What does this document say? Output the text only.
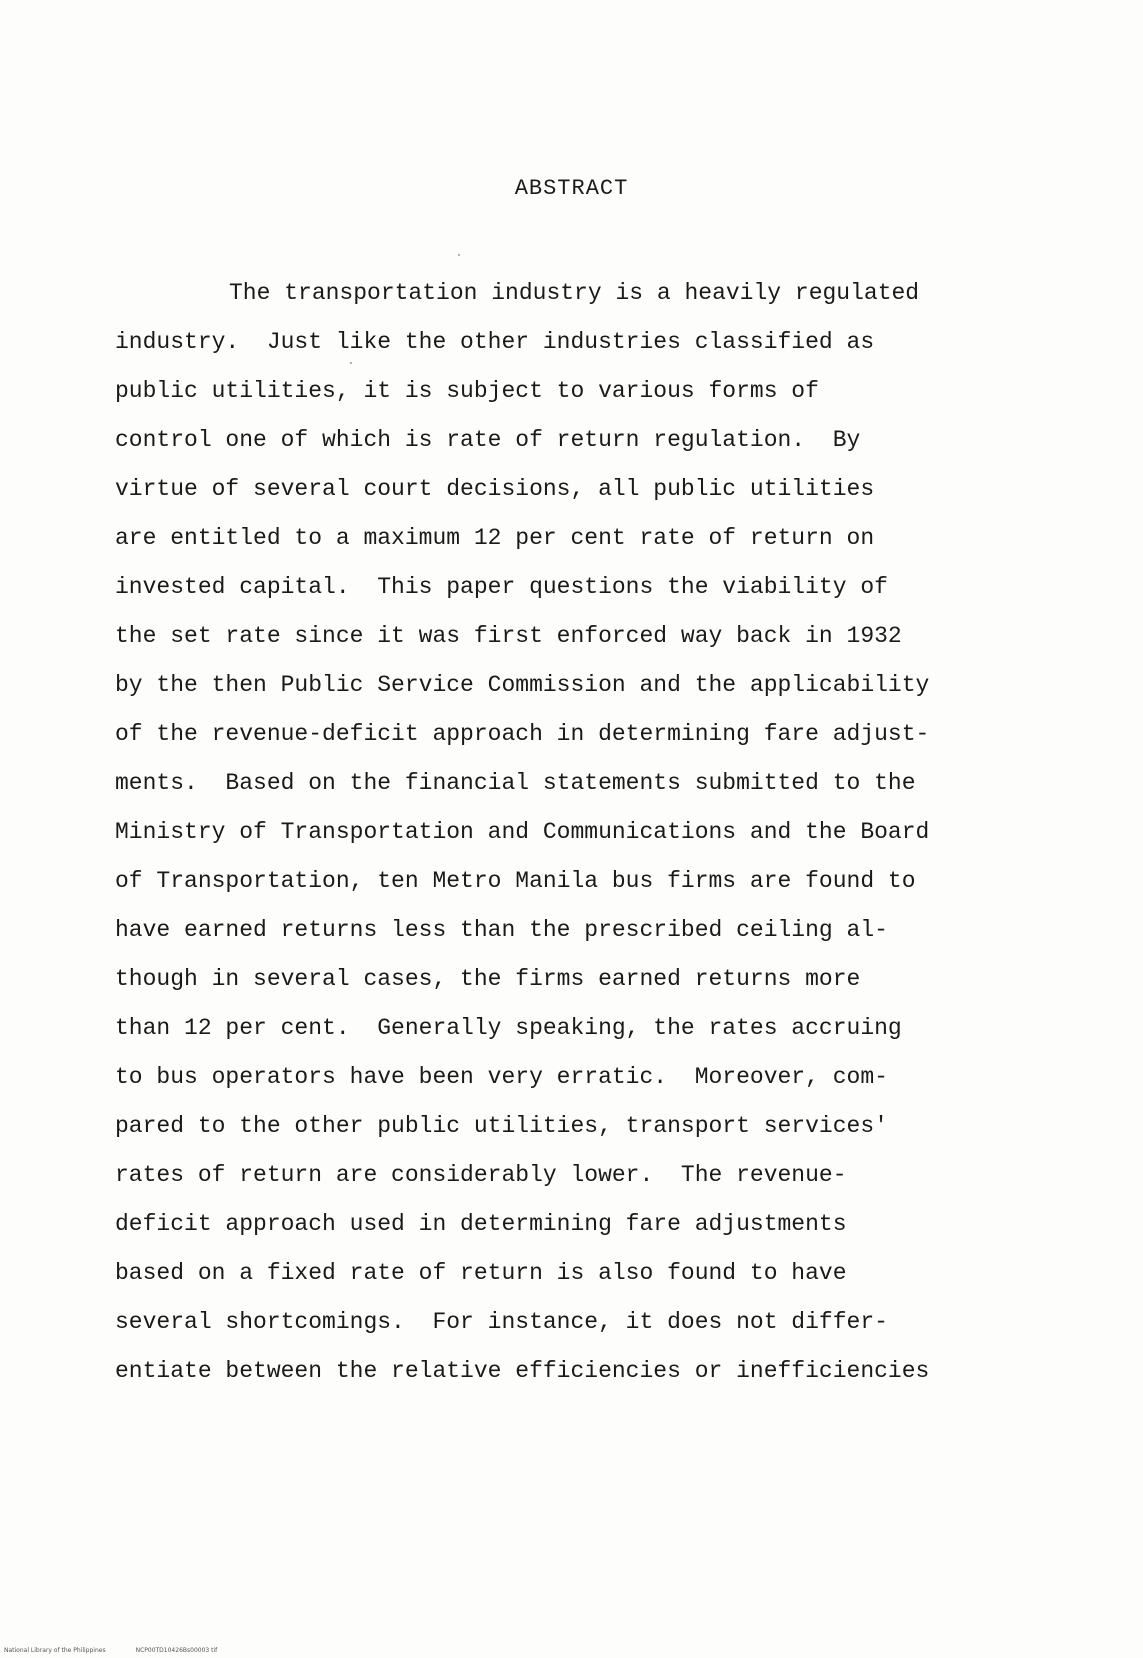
ABSTRACT
The transportation industry is a heavily regulated
industry.  Just like the other industries classified as
public utilities, it is subject to various forms of
control one of which is rate of return regulation.  By
virtue of several court decisions, all public utilities
are entitled to a maximum 12 per cent rate of return on
invested capital.  This paper questions the viability of
the set rate since it was first enforced way back in 1932
by the then Public Service Commission and the applicability
of the revenue-deficit approach in determining fare adjust-
ments.  Based on the financial statements submitted to the
Ministry of Transportation and Communications and the Board
of Transportation, ten Metro Manila bus firms are found to
have earned returns less than the prescribed ceiling al-
though in several cases, the firms earned returns more
than 12 per cent.  Generally speaking, the rates accruing
to bus operators have been very erratic.  Moreover, com-
pared to the other public utilities, transport services'
rates of return are considerably lower.  The revenue-
deficit approach used in determining fare adjustments
based on a fixed rate of return is also found to have
several shortcomings.  For instance, it does not differ-
entiate between the relative efficiencies or inefficiencies
National Library of the Philippines	NCP00TD10426Bs00003 tif
